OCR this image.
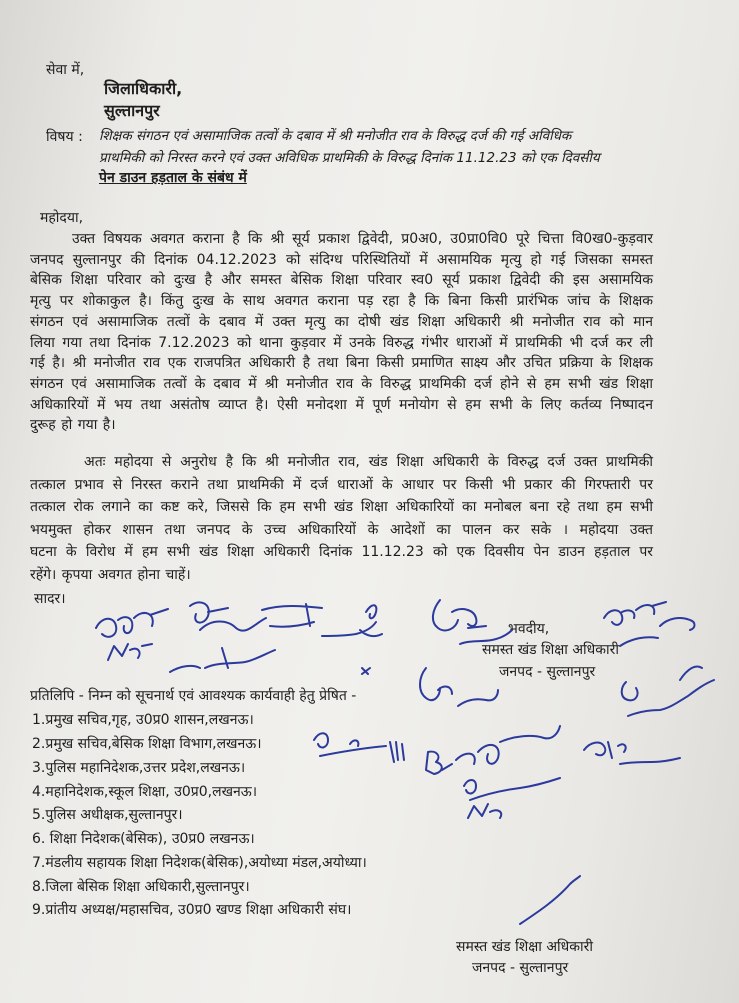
सेवा में,
जिलाधिकारी,
सुल्तानपुर
विषय : शिक्षक संगठन एवं असामाजिक तत्वों के दबाव में श्री मनोजीत राव के विरुद्ध दर्ज की गई अविधिक
प्राथमिकी को निरस्त करने एवं उक्त अविधिक प्राथमिकी के विरुद्ध दिनांक 11.12.23 को एक दिवसीय
पेन डाउन हड़ताल के संबंध में
महोदया,
उक्त विषयक अवगत कराना है कि श्री सूर्य प्रकाश द्विवेदी, प्र0अ0, उ0प्रा0वि0 पूरे चित्ता वि0ख0-कुड़वार
जनपद सुल्तानपुर की दिनांक 04.12.2023 को संदिग्ध परिस्थितियों में असामयिक मृत्यु हो गई जिसका समस्त
बेसिक शिक्षा परिवार को दुःख है और समस्त बेसिक शिक्षा परिवार स्व0 सूर्य प्रकाश द्विवेदी की इस असामयिक
मृत्यु पर शोकाकुल है। किंतु दुःख के साथ अवगत कराना पड़ रहा है कि बिना किसी प्रारंभिक जांच के शिक्षक
संगठन एवं असामाजिक तत्वों के दबाव में उक्त मृत्यु का दोषी खंड शिक्षा अधिकारी श्री मनोजीत राव को मान
लिया गया तथा दिनांक 7.12.2023 को थाना कुड़वार में उनके विरुद्ध गंभीर धाराओं में प्राथमिकी भी दर्ज कर ली
गई है। श्री मनोजीत राव एक राजपत्रित अधिकारी है तथा बिना किसी प्रमाणित साक्ष्य और उचित प्रक्रिया के शिक्षक
संगठन एवं असामाजिक तत्वों के दबाव में श्री मनोजीत राव के विरुद्ध प्राथमिकी दर्ज होने से हम सभी खंड शिक्षा
अधिकारियों में भय तथा असंतोष व्याप्त है। ऐसी मनोदशा में पूर्ण मनोयोग से हम सभी के लिए कर्तव्य निष्पादन
दुरूह हो गया है।
अतः महोदया से अनुरोध है कि श्री मनोजीत राव, खंड शिक्षा अधिकारी के विरुद्ध दर्ज उक्त प्राथमिकी
तत्काल प्रभाव से निरस्त कराने तथा प्राथमिकी में दर्ज धाराओं के आधार पर किसी भी प्रकार की गिरफ्तारी पर
तत्काल रोक लगाने का कष्ट करे, जिससे कि हम सभी खंड शिक्षा अधिकारियों का मनोबल बना रहे तथा हम सभी
भयमुक्त होकर शासन तथा जनपद के उच्च अधिकारियों के आदेशों का पालन कर सके । महोदया उक्त
घटना के विरोध में हम सभी खंड शिक्षा अधिकारी दिनांक 11.12.23 को एक दिवसीय पेन डाउन हड़ताल पर
रहेंगे। कृपया अवगत होना चाहें।
सादर।
भवदीय,
समस्त खंड शिक्षा अधिकारी
जनपद - सुल्तानपुर
प्रतिलिपि - निम्न को सूचनार्थ एवं आवश्यक कार्यवाही हेतु प्रेषित -
1.प्रमुख सचिव,गृह, उ0प्र0 शासन,लखनऊ।
2.प्रमुख सचिव,बेसिक शिक्षा विभाग,लखनऊ।
3.पुलिस महानिदेशक,उत्तर प्रदेश,लखनऊ।
4.महानिदेशक,स्कूल शिक्षा, उ0प्र0,लखनऊ।
5.पुलिस अधीक्षक,सुल्तानपुर।
6. शिक्षा निदेशक(बेसिक), उ0प्र0 लखनऊ।
7.मंडलीय सहायक शिक्षा निदेशक(बेसिक),अयोध्या मंडल,अयोध्या।
8.जिला बेसिक शिक्षा अधिकारी,सुल्तानपुर।
9.प्रांतीय अध्यक्ष/महासचिव, उ0प्र0 खण्ड शिक्षा अधिकारी संघ।
समस्त खंड शिक्षा अधिकारी
जनपद - सुल्तानपुर
